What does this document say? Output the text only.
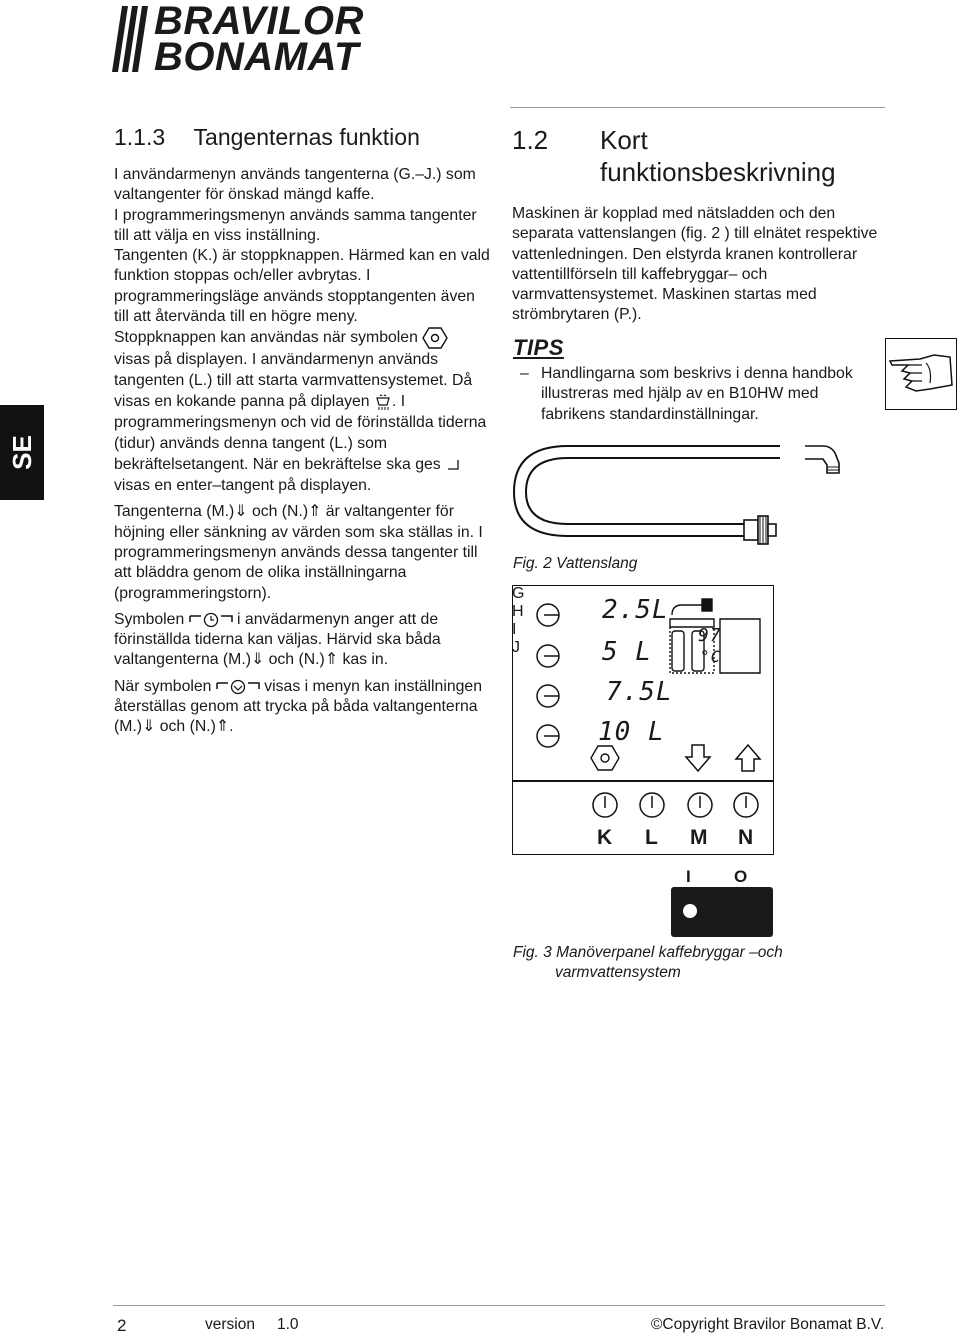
BRAVILOR
BONAMAT
SE
1.1.3 Tangenternas funktion

I användarmenyn används tangenterna (G.–J.) som valtangenter för önskad mängd kaffe.

I programmeringsmenyn används samma tangenter till att välja en viss inställning.

Tangenten (K.) är stoppknappen. Härmed kan en vald funktion stoppas och/eller avbrytas. I programmeringsläge används stopptangenten även till att återvända till en högre meny.

Stoppknappen kan användas när symbolen   visas på displayen. I användarmenyn används tangenten (L.) till att starta varmvattensystemet. Då visas en kokande panna på diplayen . I programmeringsmenyn och vid de förinställda tiderna (tidur) används denna tangent (L.) som bekräftelsetangent. När en bekräftelse ska ges  visas en enter–tangent på displayen.

Tangenterna (M.)⇓ och (N.)⇑ är valtangenter för höjning eller sänkning av värden som ska ställas in. I programmeringsmenyn används dessa tangenter till att bläddra genom de olika inställningarna (programmeringstorn).

Symbolen	i anvädarmenyn anger att de förinställda tiderna kan väljas. Härvid ska båda valtangenterna (M.)⇓ och (N.)⇑ kas in.

När symbolen	visas i menyn kan inställningen återställas genom att trycka på båda valtangenterna (M.)⇓ och (N.)⇑.

1.2 Kort
funktionsbeskrivning

Maskinen är kopplad med nätsladden och den separata vattenslangen (fig. 2 ) till elnätet respektive vattenledningen. Den elstyrda kranen kontrollerar vattentillförseln till kaffebryggar– och varmvattensystemet. Maskinen startas med strömbrytaren (P.).

TIPS
– Handlingarna som beskrivs i denna handbok illustreras med hjälp av en B10HW med fabrikens standardinställningar.
Fig. 2 Vattenslang
G
H
I
J
2.5L
5 L
7.5L
10 L
97
°C
K L M N
I	O
Fig. 3 Manöverpanel kaffebryggar –och
varmvattensystem
2	version 1.0	©Copyright Bravilor Bonamat B.V.
